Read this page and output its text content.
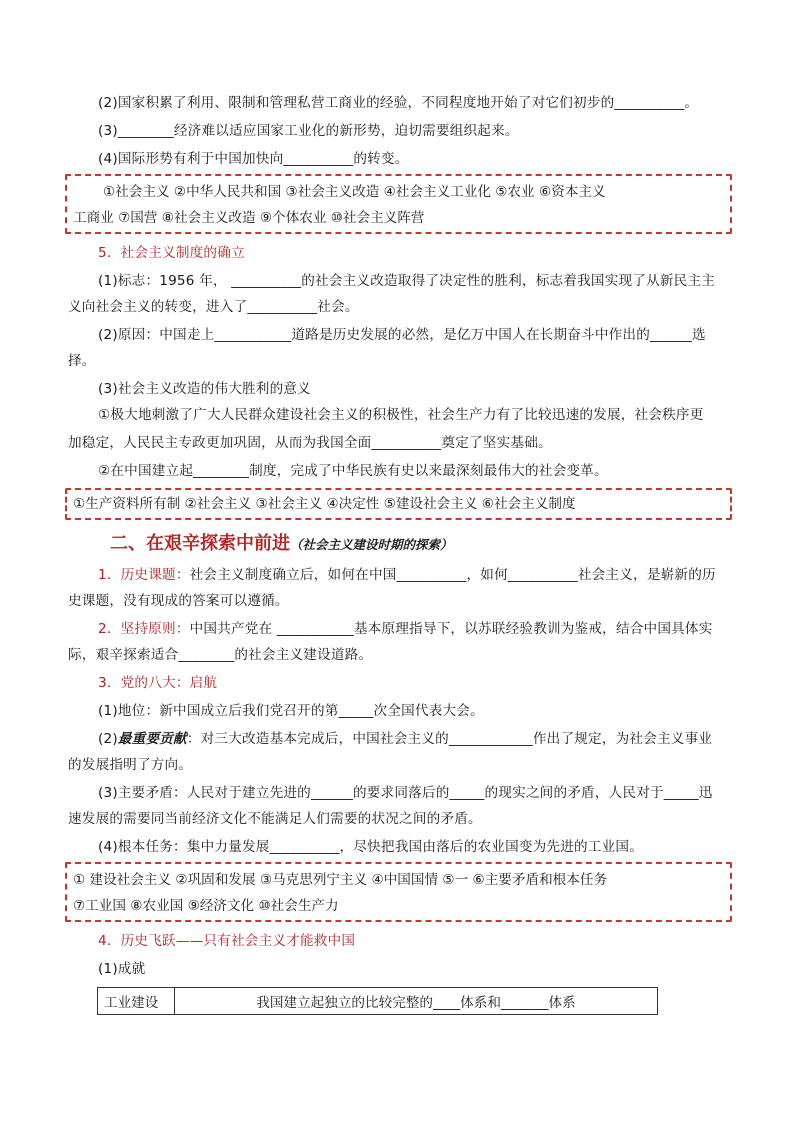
(2)国家积累了利用、限制和管理私营工商业的经验，不同程度地开始了对它们初步的__________。
(3)________经济难以适应国家工业化的新形势，迫切需要组织起来。
(4)国际形势有利于中国加快向__________的转变。
①社会主义 ②中华人民共和国 ③社会主义改造 ④社会主义工业化 ⑤农业 ⑥资本主义
工商业 ⑦国营 ⑧社会主义改造 ⑨个体农业 ⑩社会主义阵营
5．社会主义制度的确立
(1)标志：1956 年， __________的社会主义改造取得了决定性的胜利，标志着我国实现了从新民主主
义向社会主义的转变，进入了__________社会。
(2)原因：中国走上___________道路是历史发展的必然，是亿万中国人在长期奋斗中作出的______选
择。
(3)社会主义改造的伟大胜利的意义
①极大地刺激了广大人民群众建设社会主义的积极性，社会生产力有了比较迅速的发展，社会秩序更
加稳定，人民民主专政更加巩固，从而为我国全面__________奠定了坚实基础。
②在中国建立起________制度，完成了中华民族有史以来最深刻最伟大的社会变革。
①生产资料所有制 ②社会主义 ③社会主义 ④决定性 ⑤建设社会主义 ⑥社会主义制度
二、在艰辛探索中前进（社会主义建设时期的探索）
1．历史课题：社会主义制度确立后，如何在中国__________，如何__________社会主义，是崭新的历
史课题，没有现成的答案可以遵循。
2．坚持原则：中国共产党在 ___________基本原理指导下，以苏联经验教训为鉴戒，结合中国具体实
际，艰辛探索适合________的社会主义建设道路。
3．党的八大：启航
(1)地位：新中国成立后我们党召开的第_____次全国代表大会。
(2)最重要贡献：对三大改造基本完成后，中国社会主义的____________作出了规定，为社会主义事业
的发展指明了方向。
(3)主要矛盾：人民对于建立先进的______的要求同落后的_____的现实之间的矛盾，人民对于_____迅
速发展的需要同当前经济文化不能满足人们需要的状况之间的矛盾。
(4)根本任务：集中力量发展__________，尽快把我国由落后的农业国变为先进的工业国。
① 建设社会主义 ②巩固和发展 ③马克思列宁主义 ④中国国情 ⑤一 ⑥主要矛盾和根本任务
⑦工业国 ⑧农业国 ⑨经济文化 ⑩社会生产力
4．历史飞跃——只有社会主义才能救中国
(1)成就
工业建设	我国建立起独立的比较完整的____体系和_______体系
